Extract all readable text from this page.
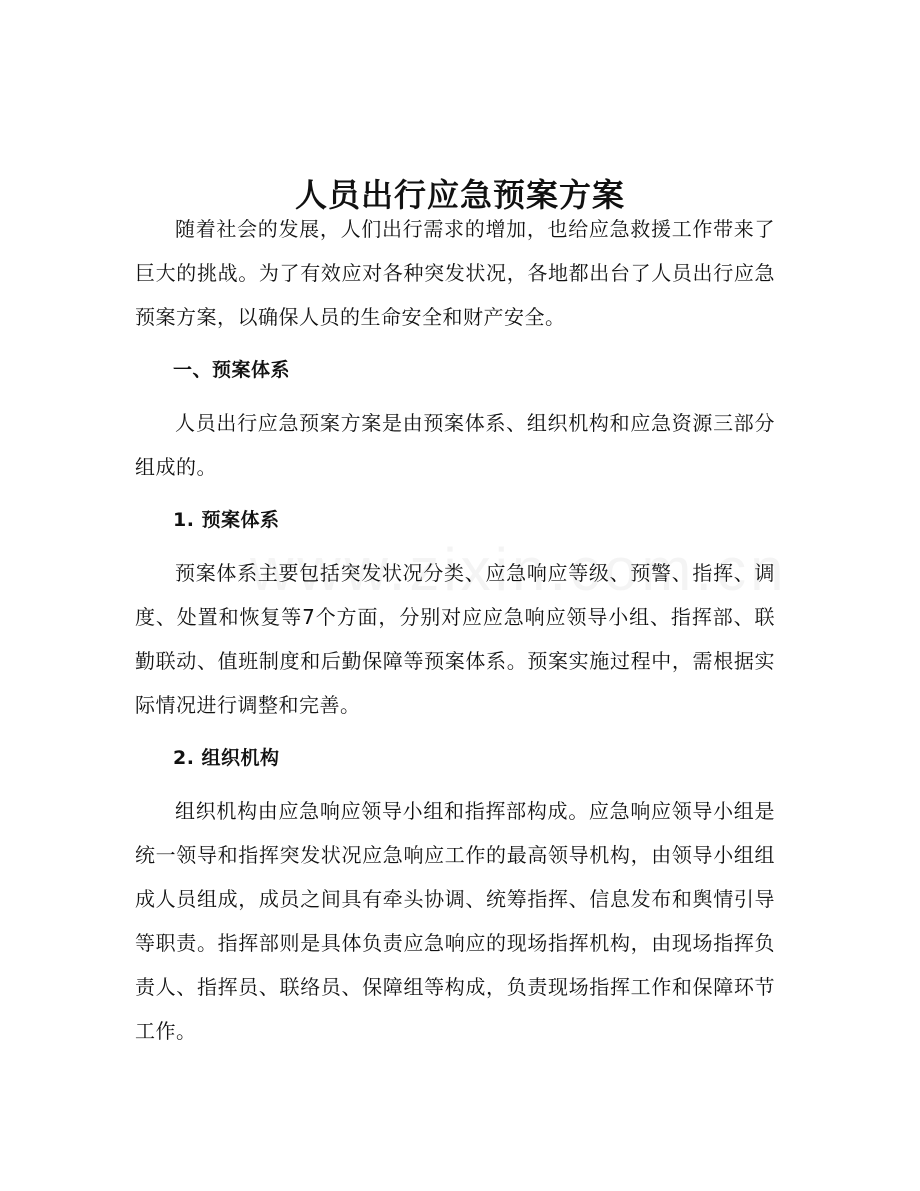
人员出行应急预案方案

随着社会的发展，人们出行需求的增加，也给应急救援工作带来了巨大的挑战。为了有效应对各种突发状况，各地都出台了人员出行应急预案方案，以确保人员的生命安全和财产安全。

一、预案体系

人员出行应急预案方案是由预案体系、组织机构和应急资源三部分组成的。

1. 预案体系

预案体系主要包括突发状况分类、应急响应等级、预警、指挥、调度、处置和恢复等7个方面，分别对应应急响应领导小组、指挥部、联勤联动、值班制度和后勤保障等预案体系。预案实施过程中，需根据实际情况进行调整和完善。

2. 组织机构

组织机构由应急响应领导小组和指挥部构成。应急响应领导小组是统一领导和指挥突发状况应急响应工作的最高领导机构，由领导小组组成人员组成，成员之间具有牵头协调、统筹指挥、信息发布和舆情引导等职责。指挥部则是具体负责应急响应的现场指挥机构，由现场指挥负责人、指挥员、联络员、保障组等构成，负责现场指挥工作和保障环节工作。
